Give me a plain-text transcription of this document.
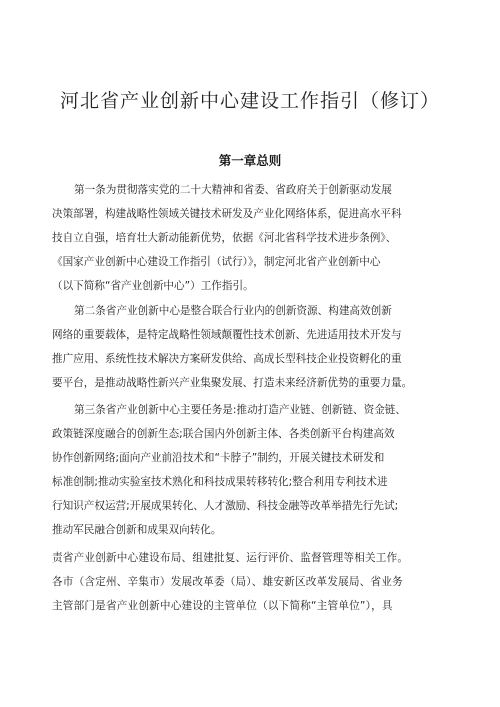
河北省产业创新中心建设工作指引（修订）
第一章总则
第一条为贯彻落实党的二十大精神和省委、省政府关于创新驱动发展
决策部署，构建战略性领域关键技术研发及产业化网络体系，促进高水平科
技自立自强，培育壮大新动能新优势，依据《河北省科学技术进步条例》、
《国家产业创新中心建设工作指引（试行）》，制定河北省产业创新中心
（以下简称“省产业创新中心”）工作指引。
第二条省产业创新中心是整合联合行业内的创新资源、构建高效创新
网络的重要载体，是特定战略性领域颠覆性技术创新、先进适用技术开发与
推广应用、系统性技术解决方案研发供给、高成长型科技企业投资孵化的重
要平台，是推动战略性新兴产业集聚发展、打造未来经济新优势的重要力量。
第三条省产业创新中心主要任务是:推动打造产业链、创新链、资金链、
政策链深度融合的创新生态;联合国内外创新主体、各类创新平台构建高效
协作创新网络;面向产业前沿技术和“卡脖子”制约，开展关键技术研发和
标准创制;推动实验室技术熟化和科技成果转移转化;整合利用专利技术进
行知识产权运营;开展成果转化、人才激励、科技金融等改革举措先行先试;
推动军民融合创新和成果双向转化。
责省产业创新中心建设布局、组建批复、运行评价、监督管理等相关工作。
各市（含定州、辛集市）发展改革委（局）、雄安新区改革发展局、省业务
主管部门是省产业创新中心建设的主管单位（以下简称“主管单位”），具
